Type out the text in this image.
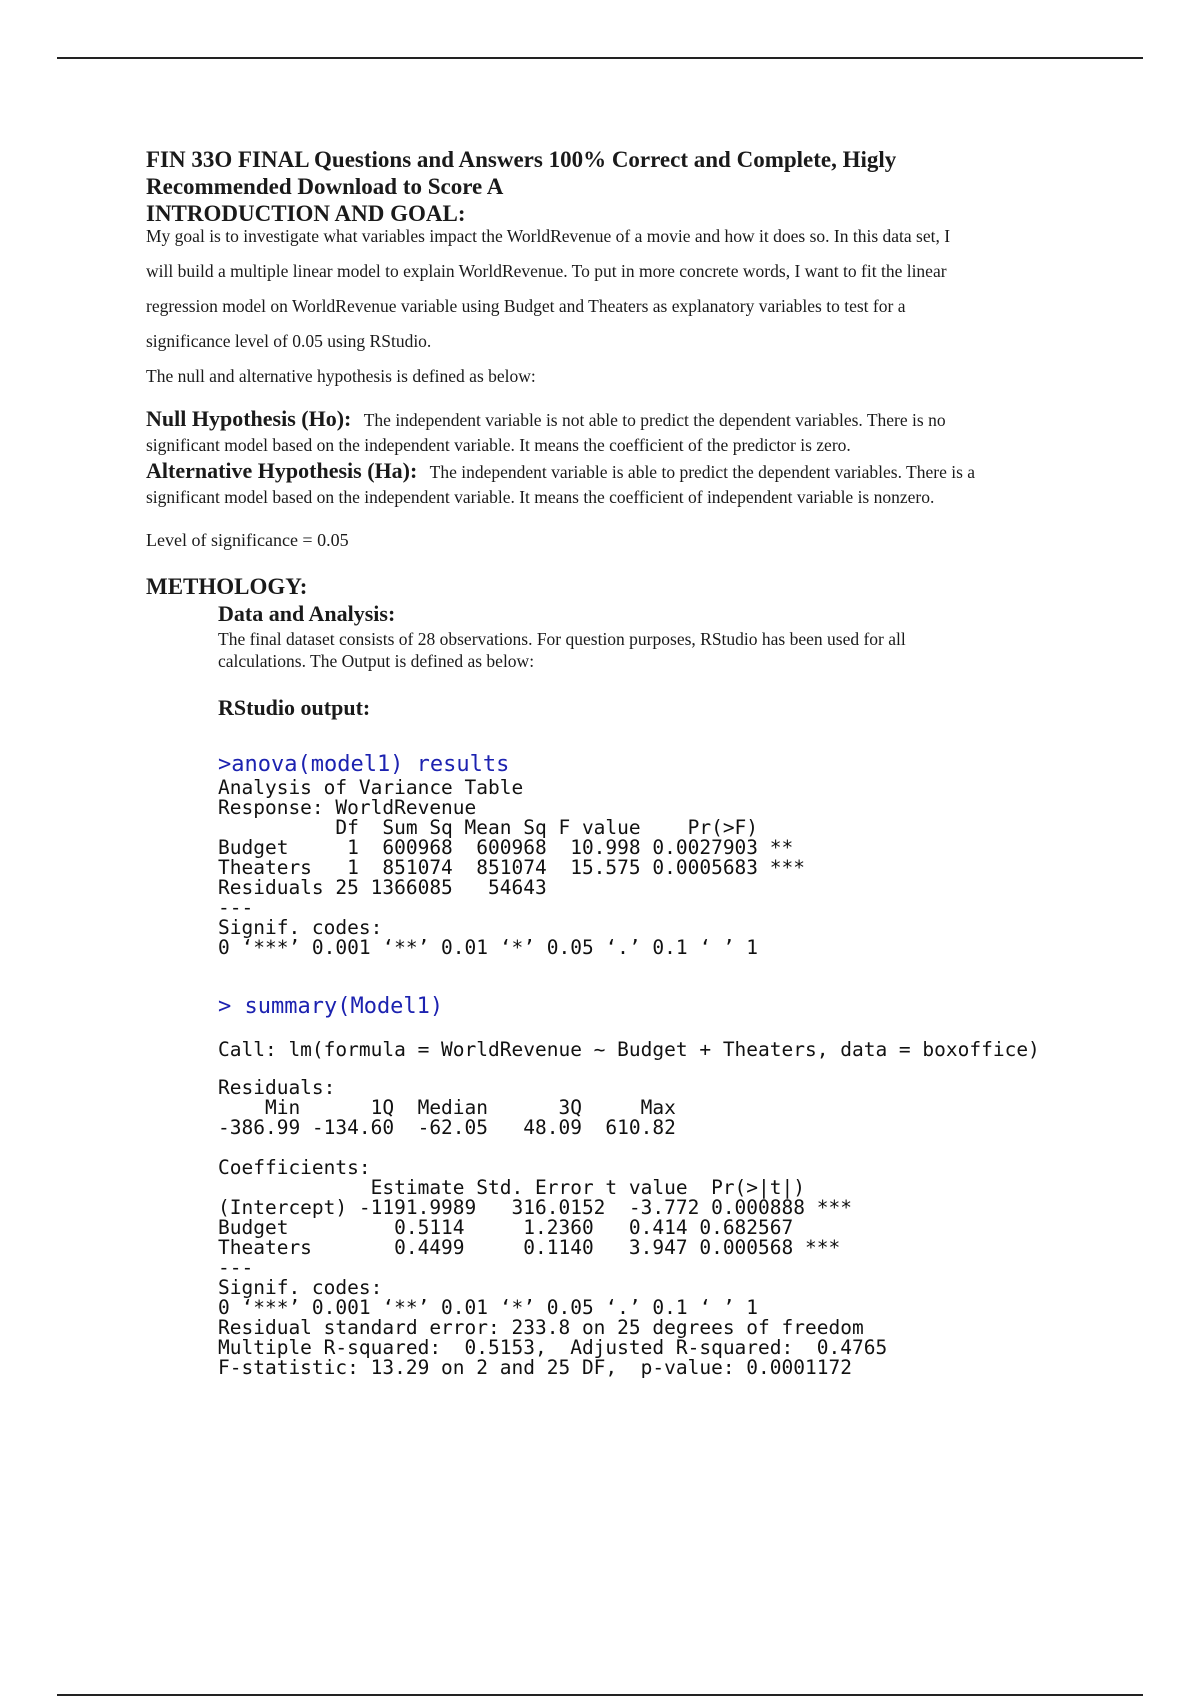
FIN 33O FINAL Questions and Answers 100% Correct and Complete, Higly

Recommended Download to Score A

INTRODUCTION AND GOAL:

My goal is to investigate what variables impact the WorldRevenue of a movie and how it does so. In this data set, I

will build a multiple linear model to explain WorldRevenue. To put in more concrete words, I want to fit the linear

regression model on WorldRevenue variable using Budget and Theaters as explanatory variables to test for a

significance level of 0.05 using RStudio.

The null and alternative hypothesis is defined as below:

Null Hypothesis (Ho): The independent variable is not able to predict the dependent variables. There is no

significant model based on the independent variable. It means the coefficient of the predictor is zero.

Alternative Hypothesis (Ha): The independent variable is able to predict the dependent variables. There is a

significant model based on the independent variable. It means the coefficient of independent variable is nonzero.

Level of significance = 0.05

METHOLOGY:

Data and Analysis:

The final dataset consists of 28 observations. For question purposes, RStudio has been used for all

calculations. The Output is defined as below:

RStudio output:

>anova(model1) results
Analysis of Variance Table
Response: WorldRevenue
Df  Sum Sq Mean Sq F value    Pr(>F)
Budget     1  600968  600968  10.998 0.0027903 **
Theaters   1  851074  851074  15.575 0.0005683 ***
Residuals 25 1366085   54643
---
Signif. codes:
0 ‘***’ 0.001 ‘**’ 0.01 ‘*’ 0.05 ‘.’ 0.1 ‘ ’ 1
> summary(Model1)
Call: lm(formula = WorldRevenue ~ Budget + Theaters, data = boxoffice)
Residuals:
Min      1Q  Median      3Q     Max
-386.99 -134.60  -62.05   48.09  610.82
Coefficients:
Estimate Std. Error t value  Pr(>|t|)
(Intercept) -1191.9989   316.0152  -3.772 0.000888 ***
Budget         0.5114     1.2360   0.414 0.682567
Theaters       0.4499     0.1140   3.947 0.000568 ***
---
Signif. codes:
0 ‘***’ 0.001 ‘**’ 0.01 ‘*’ 0.05 ‘.’ 0.1 ‘ ’ 1
Residual standard error: 233.8 on 25 degrees of freedom
Multiple R-squared:  0.5153,  Adjusted R-squared:  0.4765
F-statistic: 13.29 on 2 and 25 DF,  p-value: 0.0001172
